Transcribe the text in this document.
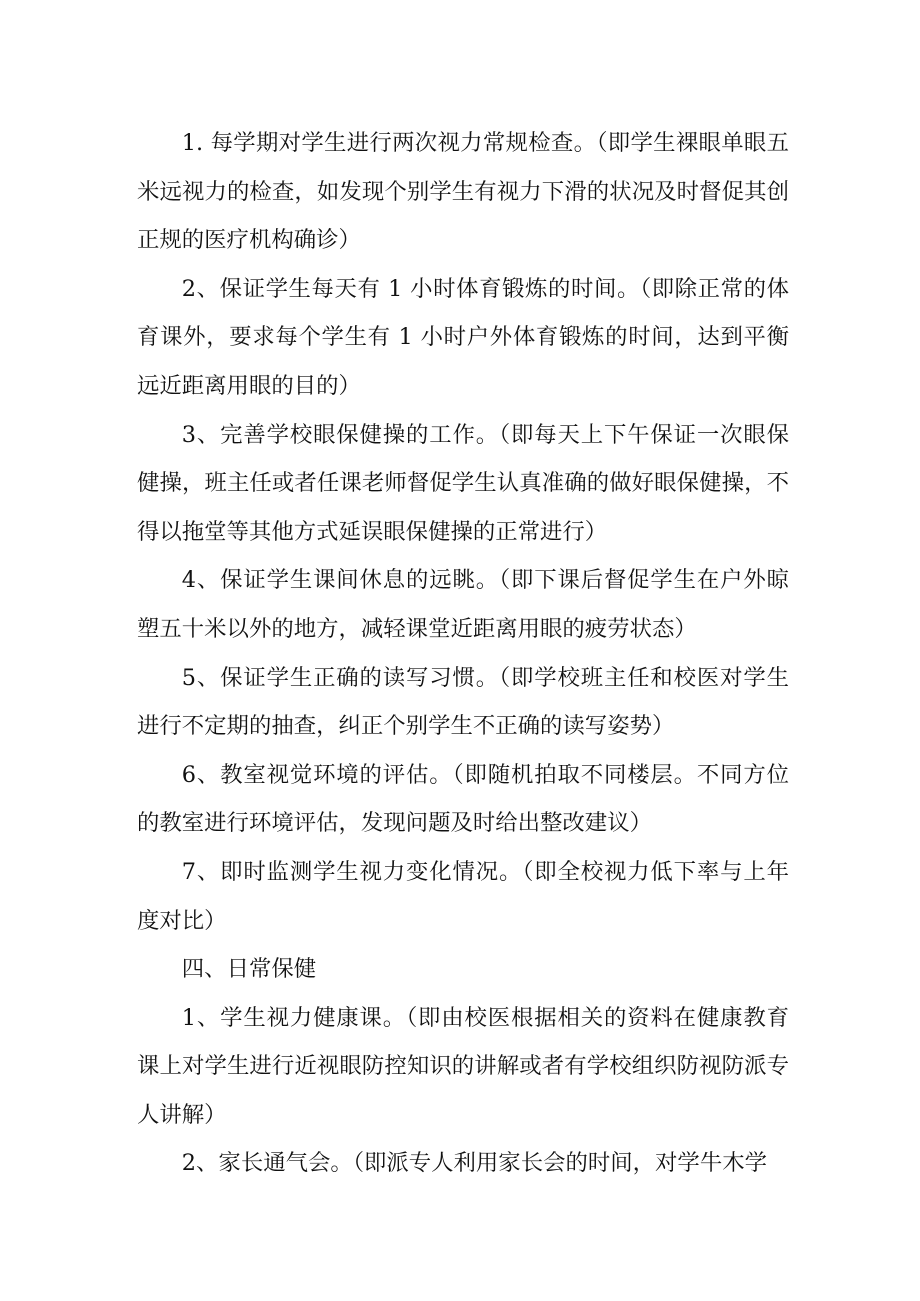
1. 每学期对学生进行两次视力常规检查。（即学生裸眼单眼五米远视力的检查，如发现个别学生有视力下滑的状况及时督促其创正规的医疗机构确诊）

2、保证学生每天有 1 小时体育锻炼的时间。（即除正常的体育课外，要求每个学生有 1 小时户外体育锻炼的时间，达到平衡远近距离用眼的目的）

3、完善学校眼保健操的工作。（即每天上下午保证一次眼保健操，班主任或者任课老师督促学生认真准确的做好眼保健操，不得以拖堂等其他方式延误眼保健操的正常进行）

4、保证学生课间休息的远眺。（即下课后督促学生在户外晾塑五十米以外的地方，减轻课堂近距离用眼的疲劳状态）

5、保证学生正确的读写习惯。（即学校班主任和校医对学生进行不定期的抽查，纠正个别学生不正确的读写姿势）

6、教室视觉环境的评估。（即随机拍取不同楼层。不同方位的教室进行环境评估，发现问题及时给出整改建议）

7、即时监测学生视力变化情况。（即全校视力低下率与上年度对比）

四、日常保健

1、学生视力健康课。（即由校医根据相关的资料在健康教育课上对学生进行近视眼防控知识的讲解或者有学校组织防视防派专人讲解）

2、家长通气会。（即派专人利用家长会的时间，对学牛木学
